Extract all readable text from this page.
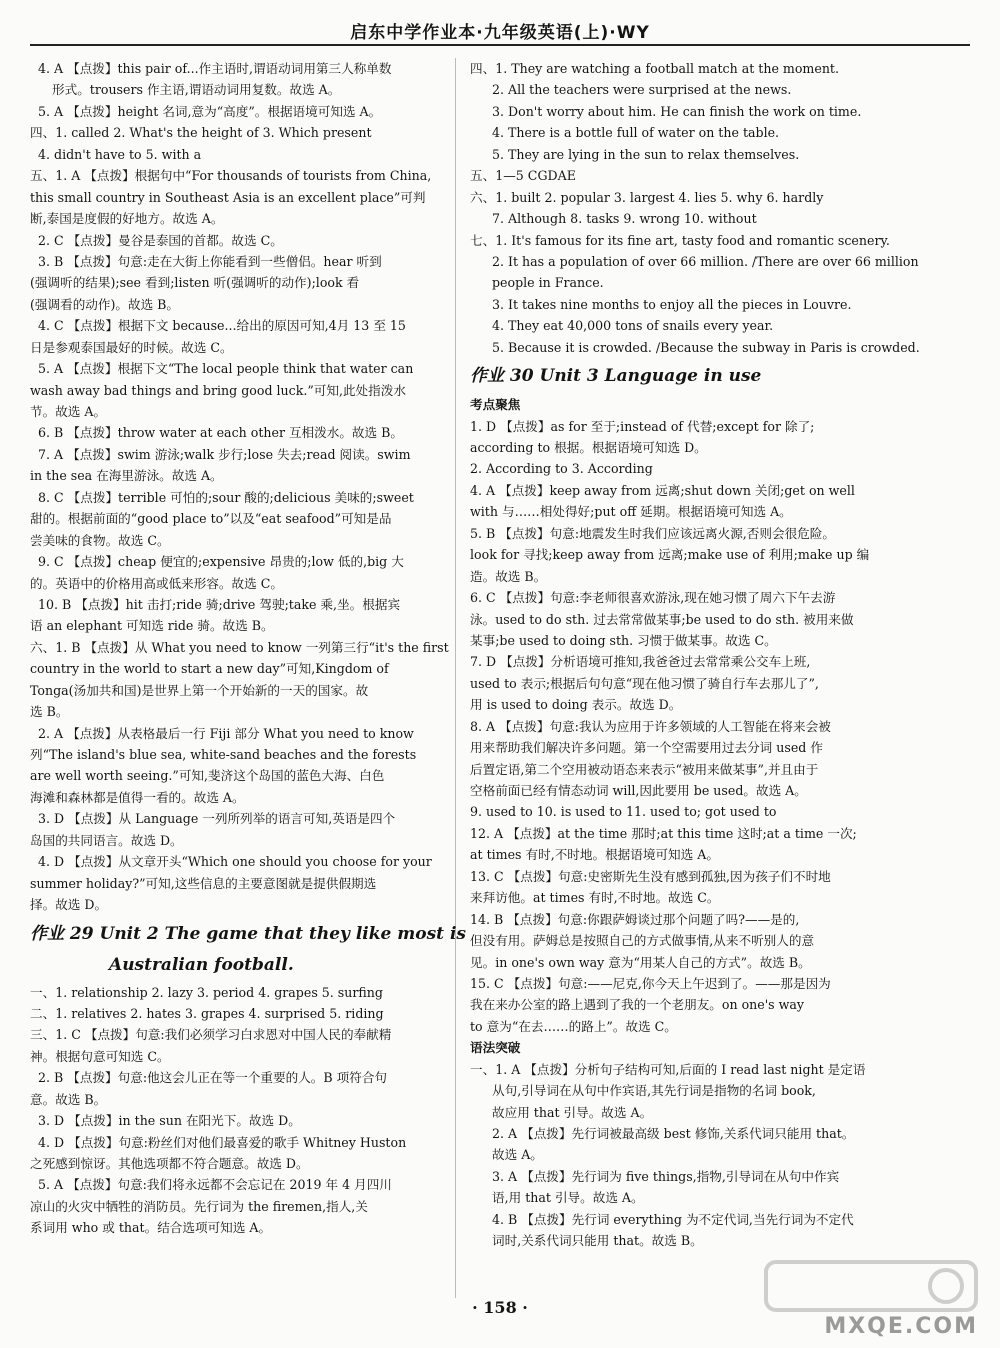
启东中学作业本·九年级英语(上)·WY
4. A 【点拨】this pair of...作主语时,谓语动词用第三人称单数
形式。trousers 作主语,谓语动词用复数。故选 A。
5. A 【点拨】height 名词,意为“高度”。根据语境可知选 A。
四、1. called 2. What's the height of 3. Which present
4. didn't have to 5. with a
五、1. A 【点拨】根据句中“For thousands of tourists from China,
this small country in Southeast Asia is an excellent place”可判
断,泰国是度假的好地方。故选 A。
2. C 【点拨】曼谷是泰国的首都。故选 C。
3. B 【点拨】句意:走在大街上你能看到一些僧侣。hear 听到
(强调听的结果);see 看到;listen 听(强调听的动作);look 看
(强调看的动作)。故选 B。
4. C 【点拨】根据下文 because...给出的原因可知,4月 13 至 15
日是参观泰国最好的时候。故选 C。
5. A 【点拨】根据下文“The local people think that water can
wash away bad things and bring good luck.”可知,此处指泼水
节。故选 A。
6. B 【点拨】throw water at each other 互相泼水。故选 B。
7. A 【点拨】swim 游泳;walk 步行;lose 失去;read 阅读。swim
in the sea 在海里游泳。故选 A。
8. C 【点拨】terrible 可怕的;sour 酸的;delicious 美味的;sweet
甜的。根据前面的“good place to”以及“eat seafood”可知是品
尝美味的食物。故选 C。
9. C 【点拨】cheap 便宜的;expensive 昂贵的;low 低的,big 大
的。英语中的价格用高或低来形容。故选 C。
10. B 【点拨】hit 击打;ride 骑;drive 驾驶;take 乘,坐。根据宾
语 an elephant 可知选 ride 骑。故选 B。
六、1. B 【点拨】从 What you need to know 一列第三行“it's the first
country in the world to start a new day”可知,Kingdom of
Tonga(汤加共和国)是世界上第一个开始新的一天的国家。故
选 B。
2. A 【点拨】从表格最后一行 Fiji 部分 What you need to know
列“The island's blue sea, white-sand beaches and the forests
are well worth seeing.”可知,斐济这个岛国的蓝色大海、白色
海滩和森林都是值得一看的。故选 A。
3. D 【点拨】从 Language 一列所列举的语言可知,英语是四个
岛国的共同语言。故选 D。
4. D 【点拨】从文章开头“Which one should you choose for your
summer holiday?”可知,这些信息的主要意图就是提供假期选
择。故选 D。
作业 29 Unit 2 The game that they like most is
Australian football.
一、1. relationship 2. lazy 3. period 4. grapes 5. surfing
二、1. relatives 2. hates 3. grapes 4. surprised 5. riding
三、1. C 【点拨】句意:我们必须学习白求恩对中国人民的奉献精
神。根据句意可知选 C。
2. B 【点拨】句意:他这会儿正在等一个重要的人。B 项符合句
意。故选 B。
3. D 【点拨】in the sun 在阳光下。故选 D。
4. D 【点拨】句意:粉丝们对他们最喜爱的歌手 Whitney Huston
之死感到惊讶。其他选项都不符合题意。故选 D。
5. A 【点拨】句意:我们将永远都不会忘记在 2019 年 4 月四川
凉山的火灾中牺牲的消防员。先行词为 the firemen,指人,关
系词用 who 或 that。结合选项可知选 A。
四、1. They are watching a football match at the moment.
2. All the teachers were surprised at the news.
3. Don't worry about him. He can finish the work on time.
4. There is a bottle full of water on the table.
5. They are lying in the sun to relax themselves.
五、1—5 CGDAE
六、1. built 2. popular 3. largest 4. lies 5. why 6. hardly
7. Although 8. tasks 9. wrong 10. without
七、1. It's famous for its fine art, tasty food and romantic scenery.
2. It has a population of over 66 million. /There are over 66 million
people in France.
3. It takes nine months to enjoy all the pieces in Louvre.
4. They eat 40,000 tons of snails every year.
5. Because it is crowded. /Because the subway in Paris is crowded.
作业 30 Unit 3 Language in use
考点聚焦
1. D 【点拨】as for 至于;instead of 代替;except for 除了;
according to 根据。根据语境可知选 D。
2. According to 3. According
4. A 【点拨】keep away from 远离;shut down 关闭;get on well
with 与……相处得好;put off 延期。根据语境可知选 A。
5. B 【点拨】句意:地震发生时我们应该远离火源,否则会很危险。
look for 寻找;keep away from 远离;make use of 利用;make up 编
造。故选 B。
6. C 【点拨】句意:李老师很喜欢游泳,现在她习惯了周六下午去游
泳。used to do sth. 过去常常做某事;be used to do sth. 被用来做
某事;be used to doing sth. 习惯于做某事。故选 C。
7. D 【点拨】分析语境可推知,我爸爸过去常常乘公交车上班,
used to 表示;根据后句句意“现在他习惯了骑自行车去那儿了”,
用 is used to doing 表示。故选 D。
8. A 【点拨】句意:我认为应用于许多领域的人工智能在将来会被
用来帮助我们解决许多问题。第一个空需要用过去分词 used 作
后置定语,第二个空用被动语态来表示“被用来做某事”,并且由于
空格前面已经有情态动词 will,因此要用 be used。故选 A。
9. used to 10. is used to 11. used to; got used to
12. A 【点拨】at the time 那时;at this time 这时;at a time 一次;
at times 有时,不时地。根据语境可知选 A。
13. C 【点拨】句意:史密斯先生没有感到孤独,因为孩子们不时地
来拜访他。at times 有时,不时地。故选 C。
14. B 【点拨】句意:你跟萨姆谈过那个问题了吗?——是的,
但没有用。萨姆总是按照自己的方式做事情,从来不听别人的意
见。in one's own way 意为“用某人自己的方式”。故选 B。
15. C 【点拨】句意:——尼克,你今天上午迟到了。——那是因为
我在来办公室的路上遇到了我的一个老朋友。on one's way
to 意为“在去……的路上”。故选 C。
语法突破
一、1. A 【点拨】分析句子结构可知,后面的 I read last night 是定语
从句,引导词在从句中作宾语,其先行词是指物的名词 book,
故应用 that 引导。故选 A。
2. A 【点拨】先行词被最高级 best 修饰,关系代词只能用 that。
故选 A。
3. A 【点拨】先行词为 five things,指物,引导词在从句中作宾
语,用 that 引导。故选 A。
4. B 【点拨】先行词 everything 为不定代词,当先行词为不定代
词时,关系代词只能用 that。故选 B。
· 158 ·
MXQE.COM
